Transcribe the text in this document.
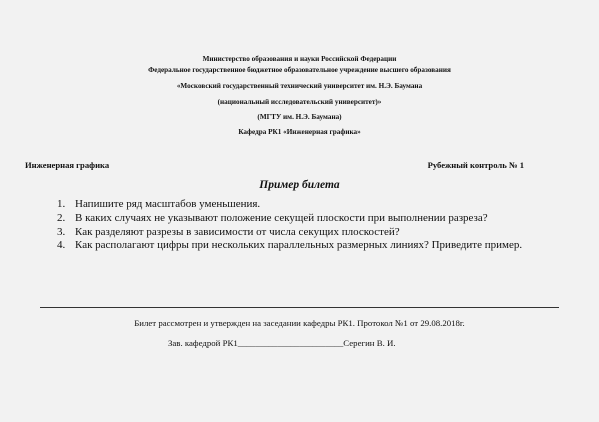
Министерство образования и науки Российской Федерации
Федеральное государственное бюджетное образовательное учреждение высшего образования
«Московский государственный технический университет им. Н.Э. Баумана
(национальный исследовательский университет)»
(МГТУ им. Н.Э. Баумана)
Кафедра РК1 «Инженерная графика»
Инженерная графика	Рубежный контроль № 1
Пример билета
1. Напишите ряд масштабов уменьшения.
2. В каких случаях не указывают положение секущей плоскости при выполнении разреза?
3. Как разделяют разрезы в зависимости от числа секущих плоскостей?
4. Как располагают цифры при нескольких параллельных размерных линиях? Приведите пример.
Билет рассмотрен и утвержден на заседании кафедры РК1. Протокол №1 от 29.08.2018г.
Зав. кафедрой РК1________________________Серегин В. И.
